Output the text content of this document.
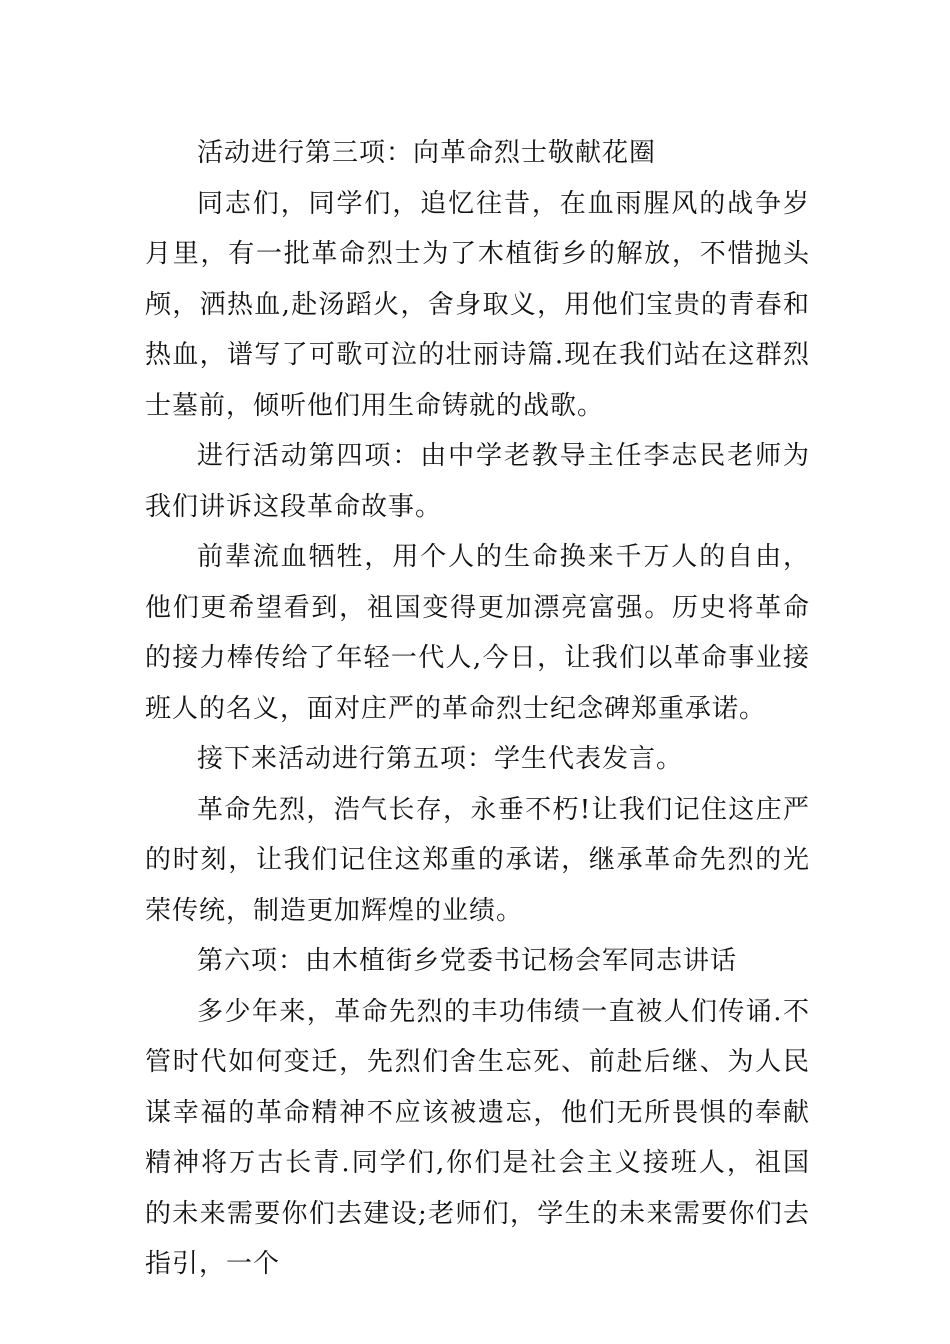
活动进行第三项：向革命烈士敬献花圈

同志们，同学们，追忆往昔，在血雨腥风的战争岁月里，有一批革命烈士为了木植街乡的解放，不惜抛头颅，洒热血,赴汤蹈火，舍身取义，用他们宝贵的青春和热血，谱写了可歌可泣的壮丽诗篇.现在我们站在这群烈士墓前，倾听他们用生命铸就的战歌。

进行活动第四项：由中学老教导主任李志民老师为我们讲诉这段革命故事。

前辈流血牺牲，用个人的生命换来千万人的自由，他们更希望看到，祖国变得更加漂亮富强。历史将革命的接力棒传给了年轻一代人,今日，让我们以革命事业接班人的名义，面对庄严的革命烈士纪念碑郑重承诺。

接下来活动进行第五项：学生代表发言。

革命先烈，浩气长存，永垂不朽!让我们记住这庄严的时刻，让我们记住这郑重的承诺，继承革命先烈的光荣传统，制造更加辉煌的业绩。

第六项：由木植街乡党委书记杨会军同志讲话

多少年来，革命先烈的丰功伟绩一直被人们传诵.不管时代如何变迁，先烈们舍生忘死、前赴后继、为人民谋幸福的革命精神不应该被遗忘，他们无所畏惧的奉献精神将万古长青.同学们,你们是社会主义接班人，祖国的未来需要你们去建设;老师们，学生的未来需要你们去指引，一个
